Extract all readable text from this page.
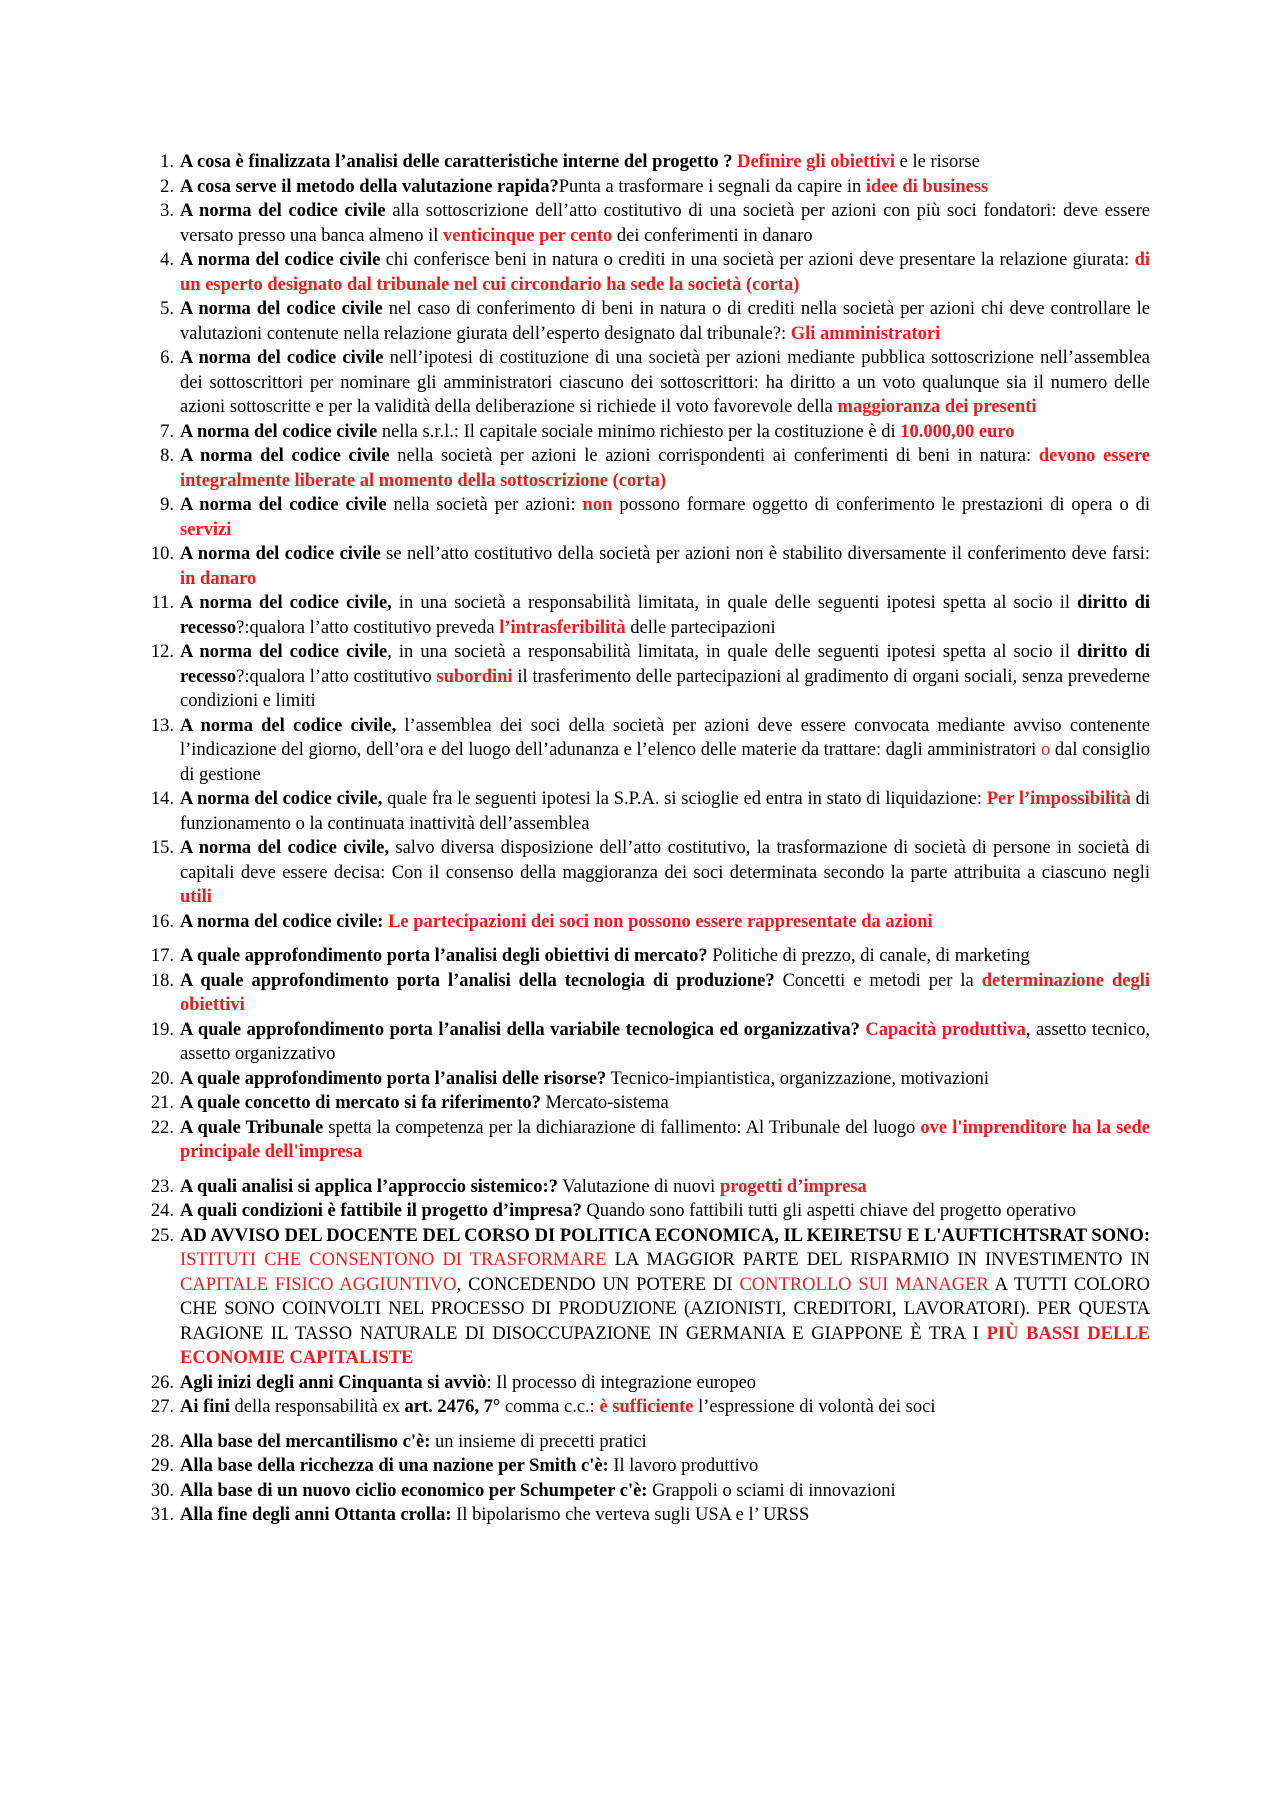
1. A cosa è finalizzata l’analisi delle caratteristiche interne del progetto ? Definire gli obiettivi e le risorse
2. A cosa serve il metodo della valutazione rapida?Punta a trasformare i segnali da capire in idee di business
3. A norma del codice civile alla sottoscrizione dell’atto costitutivo di una società per azioni con più soci fondatori: deve essere versato presso una banca almeno il venticinque per cento dei conferimenti in danaro
4. A norma del codice civile chi conferisce beni in natura o crediti in una società per azioni deve presentare la relazione giurata: di un esperto designato dal tribunale nel cui circondario ha sede la società (corta)
5. A norma del codice civile nel caso di conferimento di beni in natura o di crediti nella società per azioni chi deve controllare le valutazioni contenute nella relazione giurata dell’esperto designato dal tribunale?: Gli amministratori
6. A norma del codice civile nell’ipotesi di costituzione di una società per azioni mediante pubblica sottoscrizione nell’assemblea dei sottoscrittori per nominare gli amministratori ciascuno dei sottoscrittori: ha diritto a un voto qualunque sia il numero delle azioni sottoscritte e per la validità della deliberazione si richiede il voto favorevole della maggioranza dei presenti
7. A norma del codice civile nella s.r.l.: Il capitale sociale minimo richiesto per la costituzione è di 10.000,00 euro
8. A norma del codice civile nella società per azioni le azioni corrispondenti ai conferimenti di beni in natura: devono essere integralmente liberate al momento della sottoscrizione (corta)
9. A norma del codice civile nella società per azioni: non possono formare oggetto di conferimento le prestazioni di opera o di servizi
10. A norma del codice civile se nell’atto costitutivo della società per azioni non è stabilito diversamente il conferimento deve farsi: in danaro
11. A norma del codice civile, in una società a responsabilità limitata, in quale delle seguenti ipotesi spetta al socio il diritto di recesso?:qualora l’atto costitutivo preveda l’intrasferibilità delle partecipazioni
12. A norma del codice civile, in una società a responsabilità limitata, in quale delle seguenti ipotesi spetta al socio il diritto di recesso?:qualora l’atto costitutivo subordini il trasferimento delle partecipazioni al gradimento di organi sociali, senza prevederne condizioni e limiti
13. A norma del codice civile, l’assemblea dei soci della società per azioni deve essere convocata mediante avviso contenente l’indicazione del giorno, dell’ora e del luogo dell’adunanza e l’elenco delle materie da trattare: dagli amministratori o dal consiglio di gestione
14. A norma del codice civile, quale fra le seguenti ipotesi la S.P.A. si scioglie ed entra in stato di liquidazione: Per l’impossibilità di funzionamento o la continuata inattività dell’assemblea
15. A norma del codice civile, salvo diversa disposizione dell’atto costitutivo, la trasformazione di società di persone in società di capitali deve essere decisa: Con il consenso della maggioranza dei soci determinata secondo la parte attribuita a ciascuno negli utili
16. A norma del codice civile: Le partecipazioni dei soci non possono essere rappresentate da azioni
17. A quale approfondimento porta l’analisi degli obiettivi di mercato? Politiche di prezzo, di canale, di marketing
18. A quale approfondimento porta l’analisi della tecnologia di produzione? Concetti e metodi per la determinazione degli obiettivi
19. A quale approfondimento porta l’analisi della variabile tecnologica ed organizzativa? Capacità produttiva, assetto tecnico, assetto organizzativo
20. A quale approfondimento porta l’analisi delle risorse? Tecnico-impiantistica, organizzazione, motivazioni
21. A quale concetto di mercato si fa riferimento? Mercato-sistema
22. A quale Tribunale spetta la competenza per la dichiarazione di fallimento: Al Tribunale del luogo ove l'imprenditore ha la sede principale dell'impresa
23. A quali analisi si applica l’approccio sistemico:? Valutazione di nuovi progetti d’impresa
24. A quali condizioni è fattibile il progetto d’impresa? Quando sono fattibili tutti gli aspetti chiave del progetto operativo
25. AD AVVISO DEL DOCENTE DEL CORSO DI POLITICA ECONOMICA, IL KEIRETSU E L'AUFTICHTSRAT SONO: ISTITUTI CHE CONSENTONO DI TRASFORMARE LA MAGGIOR PARTE DEL RISPARMIO IN INVESTIMENTO IN CAPITALE FISICO AGGIUNTIVO, CONCEDENDO UN POTERE DI CONTROLLO SUI MANAGER A TUTTI COLORO CHE SONO COINVOLTI NEL PROCESSO DI PRODUZIONE (AZIONISTI, CREDITORI, LAVORATORI). PER QUESTA RAGIONE IL TASSO NATURALE DI DISOCCUPAZIONE IN GERMANIA E GIAPPONE È TRA I PIÙ BASSI DELLE ECONOMIE CAPITALISTE
26. Agli inizi degli anni Cinquanta si avviò: Il processo di integrazione europeo
27. Ai fini della responsabilità ex art. 2476, 7° comma c.c.: è sufficiente l’espressione di volontà dei soci
28. Alla base del mercantilismo c'è: un insieme di precetti pratici
29. Alla base della ricchezza di una nazione per Smith c'è: Il lavoro produttivo
30. Alla base di un nuovo ciclio economico per Schumpeter c'è: Grappoli o sciami di innovazioni
31. Alla fine degli anni Ottanta crolla: Il bipolarismo che verteva sugli USA e l’ URSS
